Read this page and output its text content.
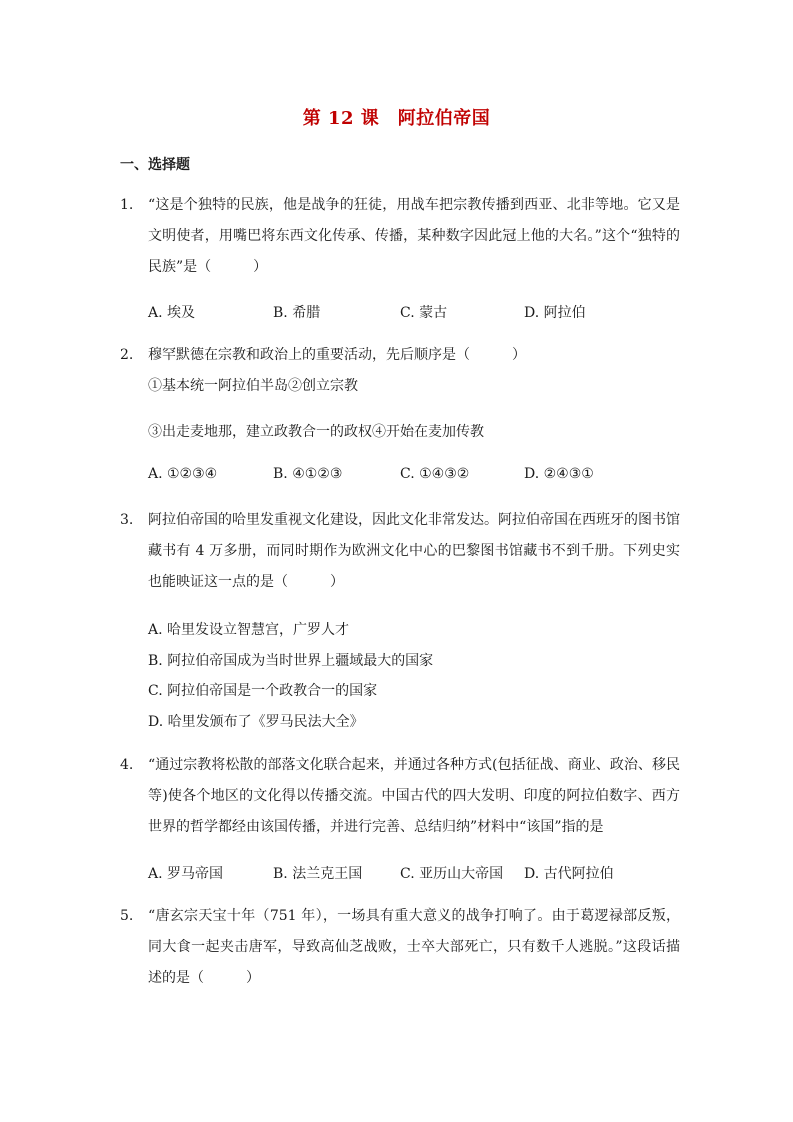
第 12 课　阿拉伯帝国
一、选择题
1.	“这是个独特的民族，他是战争的狂徒，用战车把宗教传播到西亚、北非等地。它又是文明使者，用嘴巴将东西文化传承、传播，某种数字因此冠上他的大名。”这个“独特的民族”是（　　　）
A. 埃及	B. 希腊	C. 蒙古	D. 阿拉伯
2.	穆罕默德在宗教和政治上的重要活动，先后顺序是（　　　）
①基本统一阿拉伯半岛②创立宗教
③出走麦地那，建立政教合一的政权④开始在麦加传教
A. ①②③④	B. ④①②③	C. ①④③②	D. ②④③①
3.	阿拉伯帝国的哈里发重视文化建设，因此文化非常发达。阿拉伯帝国在西班牙的图书馆藏书有 4 万多册，而同时期作为欧洲文化中心的巴黎图书馆藏书不到千册。下列史实也能映证这一点的是（　　　）
A. 哈里发设立智慧宫，广罗人才
B. 阿拉伯帝国成为当时世界上疆域最大的国家
C. 阿拉伯帝国是一个政教合一的国家
D. 哈里发颁布了《罗马民法大全》
4.	“通过宗教将松散的部落文化联合起来，并通过各种方式(包括征战、商业、政治、移民等)使各个地区的文化得以传播交流。中国古代的四大发明、印度的阿拉伯数字、西方世界的哲学都经由该国传播，并进行完善、总结归纳”材料中“该国”指的是
A. 罗马帝国	B. 法兰克王国	C. 亚历山大帝国 D. 古代阿拉伯
5.	“唐玄宗天宝十年（751 年），一场具有重大意义的战争打响了。由于葛逻禄部反叛，同大食一起夹击唐军，导致高仙芝战败，士卒大部死亡，只有数千人逃脱。”这段话描述的是（　　　）
